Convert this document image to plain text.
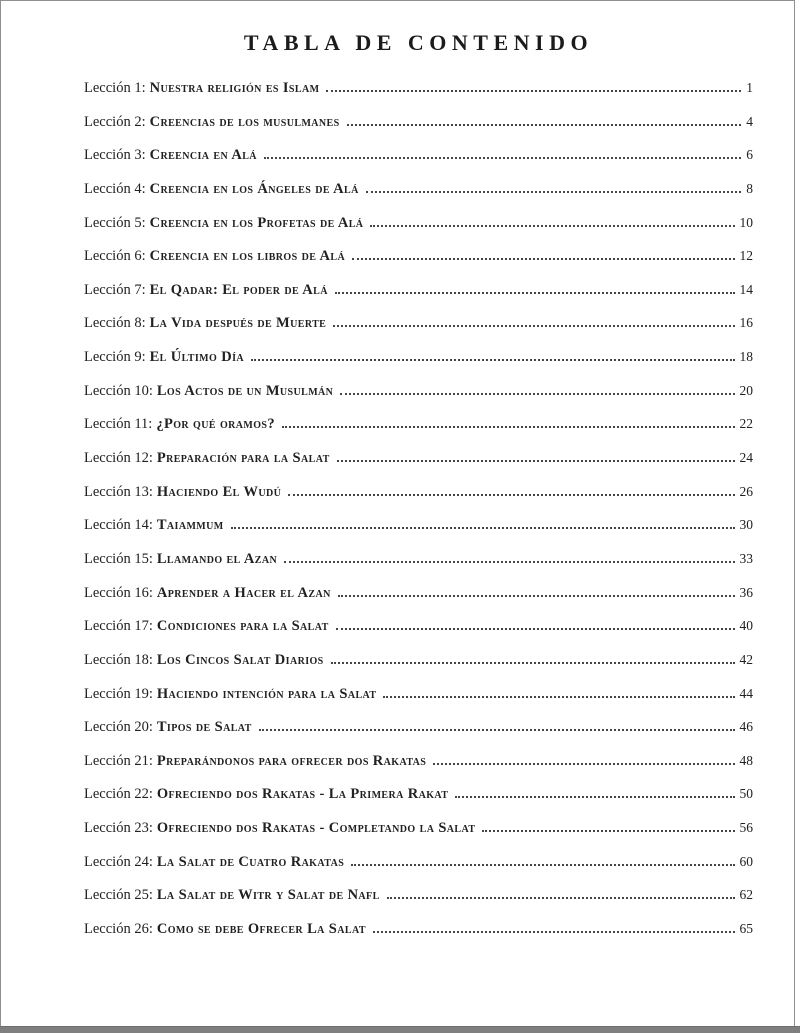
TABLA DE CONTENIDO
Lección 1: Nuestra religión es Islam	1
Lección 2: Creencias de los musulmanes	4
Lección 3: Creencia en Alá	6
Lección 4: Creencia en los Ángeles de Alá	8
Lección 5: Creencia en los Profetas de Alá	10
Lección 6: Creencia en los libros de Alá	12
Lección 7: El Qadar: El poder de Alá	14
Lección 8: La Vida después de Muerte	16
Lección 9: El Último Día	18
Lección 10: Los Actos de un Musulmán	20
Lección 11: ¿Por qué oramos?	22
Lección 12: Preparación para la Salat	24
Lección 13: Haciendo El Wudú	26
Lección 14: Taiammum	30
Lección 15: Llamando el Azan	33
Lección 16: Aprender a Hacer el Azan	36
Lección 17: Condiciones para la Salat	40
Lección 18: Los Cincos Salat Diarios	42
Lección 19: Haciendo intención para la Salat	44
Lección 20: Tipos de Salat	46
Lección 21: Preparándonos para ofrecer dos Rakatas	48
Lección 22: Ofreciendo dos Rakatas - La Primera Rakat	50
Lección 23: Ofreciendo dos Rakatas - Completando la Salat	56
Lección 24: La Salat de Cuatro Rakatas	60
Lección 25: La Salat de Witr y Salat de Nafl	62
Lección 26: Como se debe Ofrecer La Salat	65
